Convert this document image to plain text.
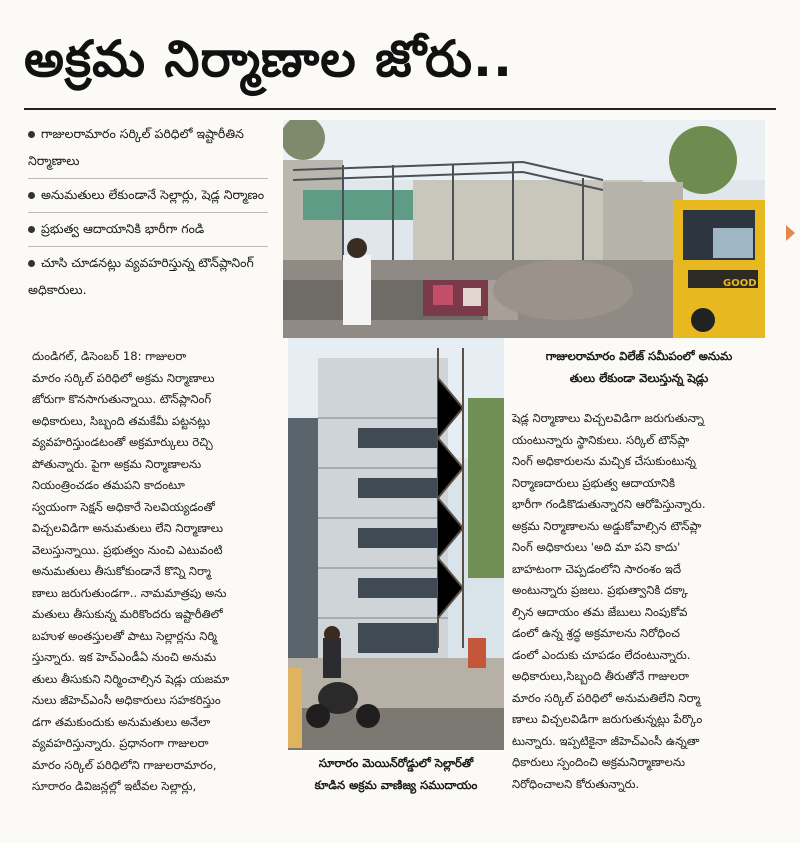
అక్రమ నిర్మాణాల జోరు..
గాజులరామారం సర్కిల్ పరిధిలో ఇష్టారీతిన నిర్మాణాలు
అనుమతులు లేకుండానే సెల్లార్లు, షెడ్ల నిర్మాణం
ప్రభుత్వ ఆదాయానికి భారీగా గండి
చూసి చూడనట్లు వ్యవహరిస్తున్న టౌన్‌ప్లానింగ్ అధికారులు.	GOOD

దుండిగల్, డిసెంబర్ 18: గాజులరా
మారం సర్కిల్ పరిధిలో అక్రమ నిర్మాణాలు
జోరుగా కొనసాగుతున్నాయి. టౌన్‌ప్లానింగ్
అధికారులు, సిబ్బంది తమకేమీ పట్టనట్లు
వ్యవహరిస్తుండటంతో అక్రమార్కులు రెచ్చి
పోతున్నారు. పైగా అక్రమ నిర్మాణాలను
నియంత్రించడం తమపని కాదంటూ
స్వయంగా సెక్షన్ అధికారే సెలవియ్యడంతో
విచ్చలవిడిగా అనుమతులు లేని నిర్మాణాలు
వెలుస్తున్నాయి. ప్రభుత్వం నుంచి ఎటువంటి
అనుమతులు తీసుకోకుండానే కొన్ని నిర్మా
ణాలు జరుగుతుండగా.. నామమాత్రపు అను
మతులు తీసుకున్న మరికొందరు ఇష్టారీతిలో
బహుళ అంతస్తులతో పాటు సెల్లార్లను నిర్మి
స్తున్నారు. ఇక హెచ్ఎండీఏ నుంచి అనుమ
తులు తీసుకుని నిర్మించాల్సిన షెడ్లు యజమా
నులు జీహెచ్ఎంసీ అధికారులు సహకరిస్తుం
డగా తమకుందుకు అనుమతులు అనేలా
వ్యవహరిస్తున్నారు. ప్రధానంగా గాజులరా
మారం సర్కిల్ పరిధిలోని గాజులరామారం,
సూరారం డివిజన్లల్లో ఇటీవల సెల్లార్లు,

గాజులరామారం విలేజ్ సమీపంలో అనుమ
తులు లేకుండా వెలుస్తున్న షెడ్లు

షెడ్ల నిర్మాణాలు విచ్చలవిడిగా జరుగుతున్నా
యంటున్నారు స్థానికులు. సర్కిల్ టౌన్‌ప్లా
నింగ్ అధికారులను మచ్చిక చేసుకుంటున్న
నిర్మాణదారులు ప్రభుత్వ ఆదాయానికి
భారీగా గండికొడుతున్నారని ఆరోపిస్తున్నారు.
అక్రమ నిర్మాణాలను అడ్డుకోవాల్సిన టౌన్‌ప్లా
నింగ్ అధికారులు 'అది మా పని కాదు'
బాహటంగా చెప్పడంలోని సారంశం ఇదే
అంటున్నారు ప్రజలు. ప్రభుత్వానికి దక్కా
ల్సిన ఆదాయం తమ జేబులు నింపుకోవ
డంలో ఉన్న శ్రద్ధ అక్రమాలను నిరోధించ
డంలో ఎందుకు చూపడం లేదంటున్నారు.
అధికారులు,సిబ్బంది తీరుతోనే గాజులరా
మారం సర్కిల్ పరిధిలో అనుమతిలేని నిర్మా
ణాలు విచ్చలవిడిగా జరుగుతున్నట్లు పేర్కొం
టున్నారు. ఇప్పటికైనా జీహెచ్ఎంసీ ఉన్నతా
ధికారులు స్పందించి అక్రమనిర్మాణాలను
నిరోధించాలని కోరుతున్నారు.

సూరారం మెయిన్‌రోడ్డులో సెల్లార్‌తో
కూడిన అక్రమ వాణిజ్య సముదాయం
